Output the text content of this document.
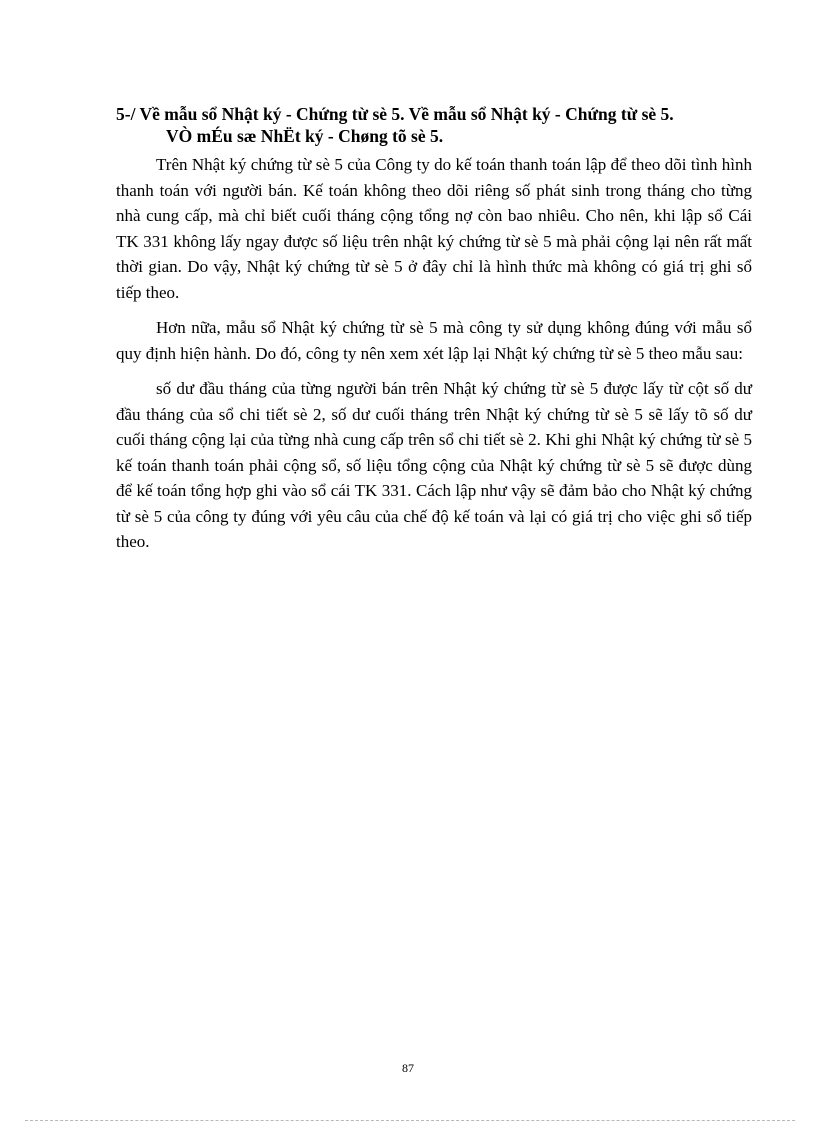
5-/ Về mẫu sổ Nhật ký - Chứng từ sè 5. Về mẫu sổ Nhật ký - Chứng từ sè 5.
VÒ mÉu sæ NhËt ký - Chøng tõ sè 5.

Trên Nhật ký chứng từ sè 5 của Công ty do kế toán thanh toán lập để theo dõi tình hình thanh toán với người bán. Kế toán không theo dõi riêng số phát sinh trong tháng cho từng nhà cung cấp, mà chỉ biết cuối tháng cộng tổng nợ còn bao nhiêu. Cho nên, khi lập sổ Cái TK 331 không lấy ngay được số liệu trên nhật ký chứng từ sè 5 mà phải cộng lại nên rất mất thời gian. Do vậy, Nhật ký chứng từ sè 5 ở đây chỉ là hình thức mà không có giá trị ghi sổ tiếp theo.

Hơn nữa, mẫu sổ Nhật ký chứng từ sè 5 mà công ty sử dụng không đúng với mẫu sổ quy định hiện hành. Do đó, công ty nên xem xét lập lại Nhật ký chứng từ sè 5 theo mẫu sau:

số dư đầu tháng của từng người bán trên Nhật ký chứng từ sè 5 được lấy từ cột số dư đầu tháng của sổ chi tiết sè 2, số dư cuối tháng trên Nhật ký chứng từ sè 5 sẽ lấy tõ số dư cuối tháng cộng lại của từng nhà cung cấp trên sổ chi tiết sè 2. Khi ghi Nhật ký chứng từ sè 5 kế toán thanh toán phải cộng sổ, số liệu tổng cộng của Nhật ký chứng từ sè 5 sẽ được dùng để kế toán tổng hợp ghi vào sổ cái TK 331. Cách lập như vậy sẽ đảm bảo cho Nhật ký chứng từ sè 5 của công ty đúng với yêu câu của chế độ kế toán và lại có giá trị cho việc ghi sổ tiếp theo.

87
